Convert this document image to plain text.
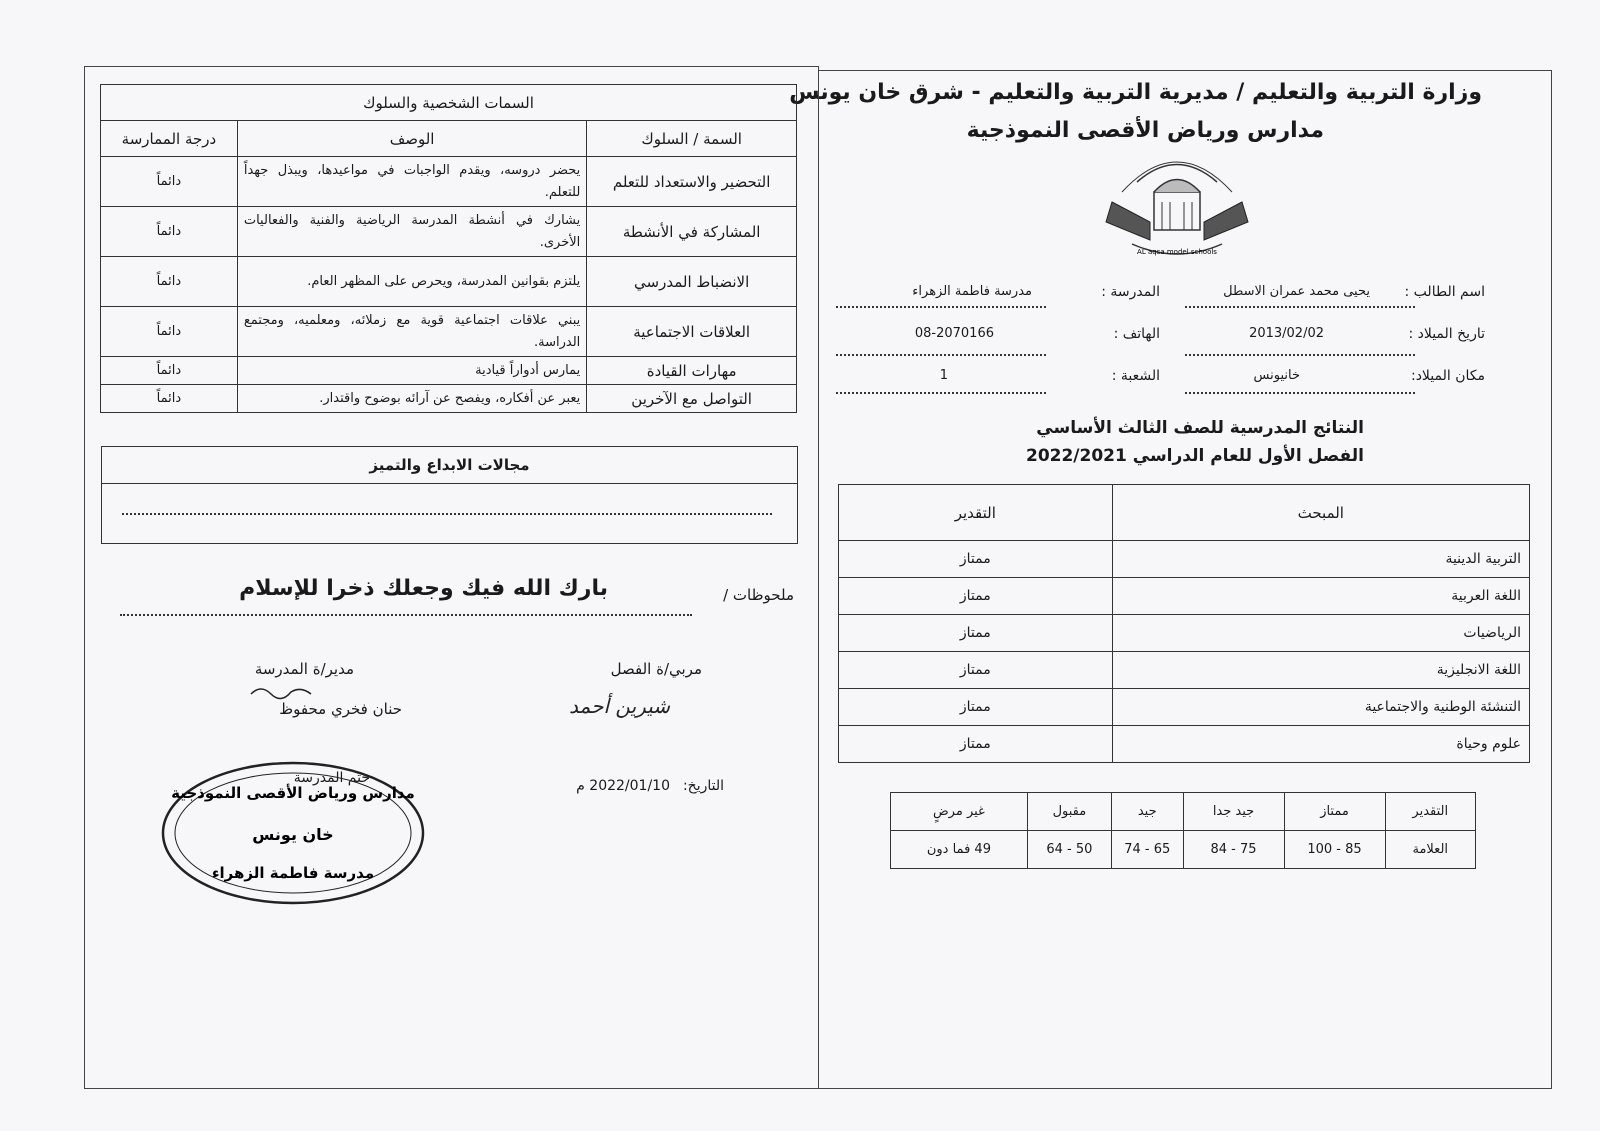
وزارة التربية والتعليم / مديرية التربية والتعليم - شرق خان يونس
مدارس ورياض الأقصى النموذجية
AL aqsa model schools
اسم الطالب :
يحيى محمد عمران الاسطل
المدرسة :
مدرسة فاطمة الزهراء
تاريخ الميلاد :
2013/02/02
الهاتف :
08-2070166
مكان الميلاد:
خانيونس
الشعبة :
1
النتائج المدرسية للصف الثالث الأساسي
الفصل الأول للعام الدراسي 2022/2021
المبحث	التقدير
التربية الدينية	ممتاز
اللغة العربية	ممتاز
الرياضيات	ممتاز
اللغة الانجليزية	ممتاز
التنشئة الوطنية والاجتماعية	ممتاز
علوم وحياة	ممتاز
التقدير	ممتاز	جيد جدا	جيد	مقبول	غير مرضٍ
العلامة	85 - 100	75 - 84	65 - 74	50 - 64	49 فما دون
السمات الشخصية والسلوك		
السمة / السلوك	الوصف	درجة الممارسة
التحضير والاستعداد للتعلم	يحضر دروسه، ويقدم الواجبات في مواعيدها، ويبذل جهداً للتعلم.	دائماً
المشاركة في الأنشطة	يشارك في أنشطة المدرسة الرياضية والفنية والفعاليات الأخرى.	دائماً
الانضباط المدرسي	يلتزم بقوانين المدرسة، ويحرص على المظهر العام.	دائماً
العلاقات الاجتماعية	يبني علاقات اجتماعية قوية مع زملائه، ومعلميه، ومجتمع الدراسة.	دائماً
مهارات القيادة	يمارس أدواراً قيادية	دائماً
التواصل مع الآخرين	يعبر عن أفكاره، ويفصح عن آرائه بوضوح واقتدار.	دائماً
مجالات الابداع والتميز
ملحوظات /
بارك الله فيك وجعلك ذخرا للإسلام
مربي/ة الفصل
شيرين أحمد
مدير/ة المدرسة
حنان فخري محفوظ
التاريخ:
2022/01/10 م
ختم المدرسة
مدارس ورياض الأقصى النموذجية
خان يونس
مدرسة فاطمة الزهراء
